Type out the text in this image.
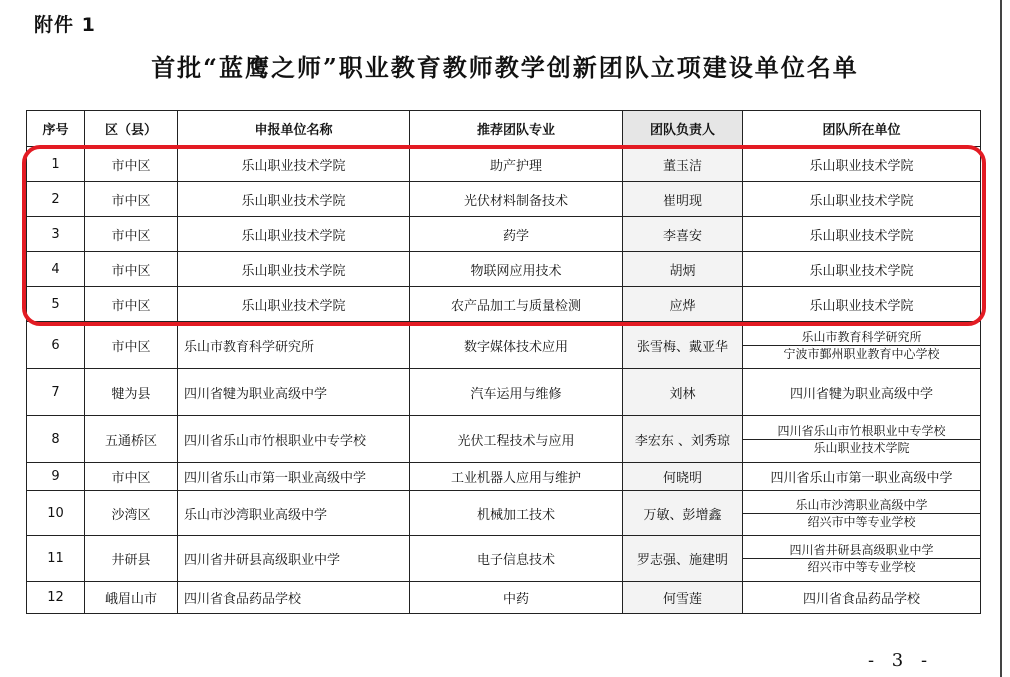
附件 1
首批“蓝鹰之师”职业教育教师教学创新团队立项建设单位名单
序号	区（县）	申报单位名称	推荐团队专业	团队负责人	团队所在单位
1	市中区	乐山职业技术学院	助产护理	董玉洁	乐山职业技术学院
2	市中区	乐山职业技术学院	光伏材料制备技术	崔明现	乐山职业技术学院
3	市中区	乐山职业技术学院	药学	李喜安	乐山职业技术学院
4	市中区	乐山职业技术学院	物联网应用技术	胡炳	乐山职业技术学院
5	市中区	乐山职业技术学院	农产品加工与质量检测	应烨	乐山职业技术学院
6	市中区	乐山市教育科学研究所	数字媒体技术应用	张雪梅、戴亚华	乐山市教育科学研究所
宁波市鄞州职业教育中心学校

7	犍为县	四川省犍为职业高级中学	汽车运用与维修	刘林	四川省犍为职业高级中学
8	五通桥区	四川省乐山市竹根职业中专学校	光伏工程技术与应用	李宏东 、刘秀琼	四川省乐山市竹根职业中专学校
乐山职业技术学院

9	市中区	四川省乐山市第一职业高级中学	工业机器人应用与维护	何晓明	四川省乐山市第一职业高级中学
10	沙湾区	乐山市沙湾职业高级中学	机械加工技术	万敏、彭增鑫	乐山市沙湾职业高级中学
绍兴市中等专业学校

11	井研县	四川省井研县高级职业中学	电子信息技术	罗志强、施建明	四川省井研县高级职业中学
绍兴市中等专业学校

12	峨眉山市	四川省食品药品学校	中药	何雪莲	四川省食品药品学校
- 3 -
